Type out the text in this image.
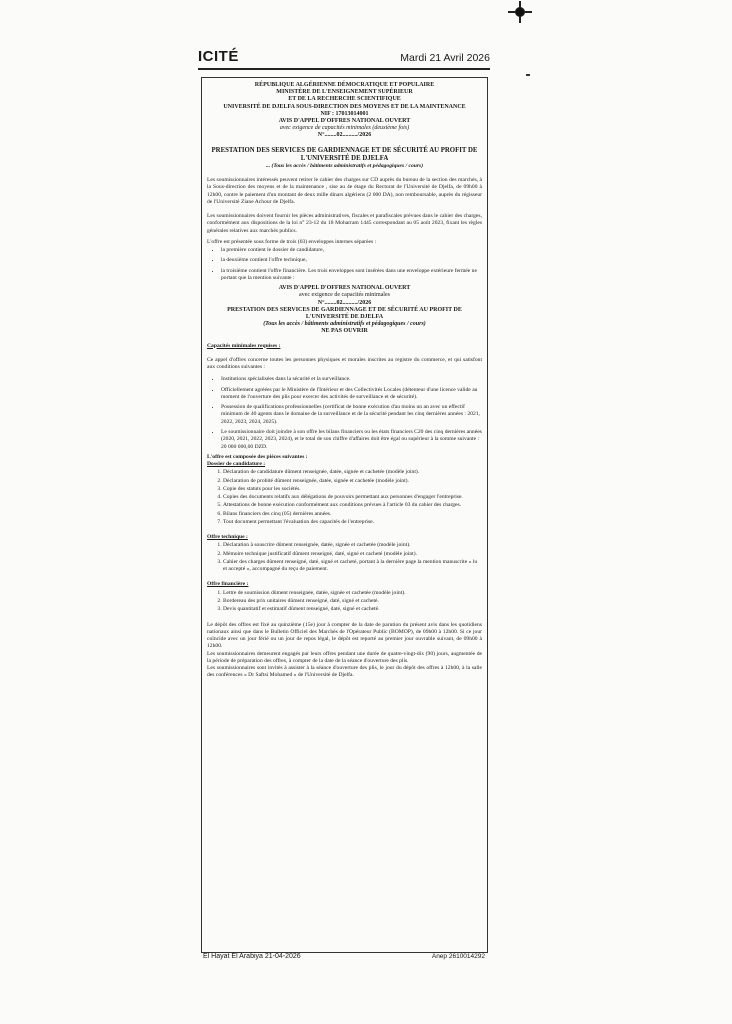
ICITÉ	Mardi 21 Avril 2026
RÉPUBLIQUE ALGÉRIENNE DÉMOCRATIQUE ET POPULAIRE
MINISTÈRE DE L'ENSEIGNEMENT SUPÉRIEUR
ET DE LA RECHERCHE SCIENTIFIQUE
UNIVERSITÉ DE DJELFA SOUS-DIRECTION DES MOYENS ET DE LA MAINTENANCE
NIF : 17013014001
AVIS D'APPEL D'OFFRES NATIONAL OUVERT
avec exigence de capacités minimales (deuxième fois)
N°........02........../2026
PRESTATION DES SERVICES DE GARDIENNAGE ET DE SÉCURITÉ AU PROFIT DE L'UNIVERSITÉ DE DJELFA
... (Tous les accès / bâtiments administratifs et pédagogiques / cours)

Les soumissionnaires intéressés peuvent retirer le cahier des charges sur CD auprès du bureau de la section des marchés, à la Sous-direction des moyens et de la maintenance , sise au 4e étage du Rectorat de l'Université de Djelfa, de 09h00 à 12h00, contre le paiement d'un montant de deux mille dinars algériens (2 000 DA), non remboursable, auprès du régisseur de l'Université Ziane Achour de Djelfa.

Les soumissionnaires doivent fournir les pièces administratives, fiscales et parafiscales prévues dans le cahier des charges, conformément aux dispositions de la loi n° 23-12 du 18 Moharram 1445 correspondant au 05 août 2023, fixant les règles générales relatives aux marchés publics.

L'offre est présentée sous forme de trois (03) enveloppes internes séparées :

• la première contient le dossier de candidature,
• la deuxième contient l'offre technique,
• la troisième contient l'offre financière. Les trois enveloppes sont insérées dans une enveloppe extérieure fermée ne portant que la mention suivante :
AVIS D'APPEL D'OFFRES NATIONAL OUVERT
avec exigence de capacités minimales
N°........02........../2026
PRESTATION DES SERVICES DE GARDIENNAGE ET DE SÉCURITÉ AU PROFIT DE L'UNIVERSITÉ DE DJELFA
(Tous les accès / bâtiments administratifs et pédagogiques / cours)
NE PAS OUVRIR
Capacités minimales requises :

Ce appel d'offres concerne toutes les personnes physiques et morales inscrites au registre du commerce, et qui satisfont aux conditions suivantes :

• Institutions spécialisées dans la sécurité et la surveillance.
• Officiellement agréées par le Ministère de l'Intérieur et des Collectivités Locales (détenteur d'une licence valide au moment de l'ouverture des plis pour exercer des activités de surveillance et de sécurité).
• Possession de qualifications professionnelles (certificat de bonne exécution d'au moins un an avec un effectif minimum de 40 agents dans le domaine de la surveillance et de la sécurité pendant les cinq dernières années : 2021, 2022, 2023, 2024, 2025).
• Le soumissionnaire doit joindre à son offre les bilans financiers ou les états financiers C20 des cinq dernières années (2020, 2021, 2022, 2023, 2024), et le total de son chiffre d'affaires doit être égal ou supérieur à la somme suivante : 20 000 000,00 DZD.
L'offre est composée des pièces suivantes :
Dossier de candidature :
1. Déclaration de candidature dûment renseignée, datée, signée et cachetée (modèle joint).
2. Déclaration de probité dûment renseignée, datée, signée et cachetée (modèle joint).
3. Copie des statuts pour les sociétés.
4. Copies des documents relatifs aux délégations de pouvoirs permettant aux personnes d'engager l'entreprise.
5. Attestations de bonne exécution conformément aux conditions prévues à l'article 03 du cahier des charges.
6. Bilans financiers des cinq (05) dernières années.
7. Tout document permettant l'évaluation des capacités de l'entreprise.
Offre technique :
1. Déclaration à souscrire dûment renseignée, datée, signée et cachetée (modèle joint).
2. Mémoire technique justificatif dûment renseigné, daté, signé et cacheté (modèle joint).
3. Cahier des charges dûment renseigné, daté, signé et cacheté, portant à la dernière page la mention manuscrite « lu et accepté », accompagné du reçu de paiement.
Offre financière :
1. Lettre de soumission dûment renseignée, datée, signée et cachetée (modèle joint).
2. Bordereau des prix unitaires dûment renseigné, daté, signé et cacheté.
3. Devis quantitatif et estimatif dûment renseigné, daté, signé et cacheté.

Le dépôt des offres est fixé au quinzième (15e) jour à compter de la date de parution du présent avis dans les quotidiens nationaux ainsi que dans le Bulletin Officiel des Marchés de l'Opérateur Public (BOMOP), de 09h00 à 12h00. Si ce jour coïncide avec un jour férié ou un jour de repos légal, le dépôt est reporté au premier jour ouvrable suivant, de 09h00 à 12h00.

Les soumissionnaires demeurent engagés par leurs offres pendant une durée de quatre-vingt-dix (90) jours, augmentée de la période de préparation des offres, à compter de la date de la séance d'ouverture des plis.

Les soumissionnaires sont invités à assister à la séance d'ouverture des plis, le jour du dépôt des offres à 12h00, à la salle des conférences « Dr Saftsi Mohamed » de l'Université de Djelfa.

El Hayat El Arabiya 21-04-2026	Anep 2610014292
